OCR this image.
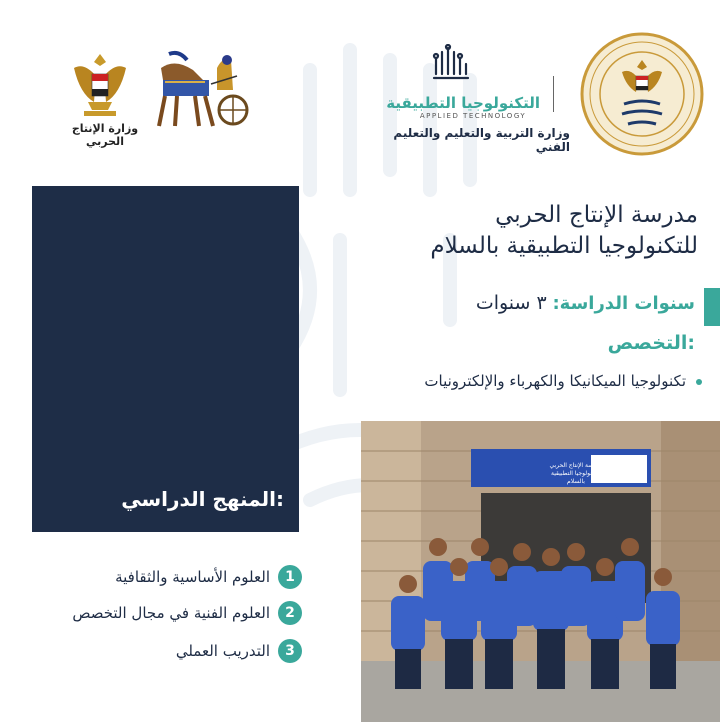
وزارة الإنتاج الحربي
التكنولوجيا التطبيقية
APPLIED TECHNOLOGY
وزارة التربية والتعليم والتعليم الفني
المنهج الدراسي:
مدرسة الإنتاج الحربي
للتكنولوجيا التطبيقية بالسلام
سنوات الدراسة: ٣ سنوات
التخصص:
تكنولوجيا الميكانيكا والكهرباء والإلكترونيات
1
العلوم الأساسية والثقافية
2
العلوم الفنية في مجال التخصص
3
التدريب العملي
مدرسة الإنتاج الحربي للتكنولوجيا التطبيقية بالسلام
